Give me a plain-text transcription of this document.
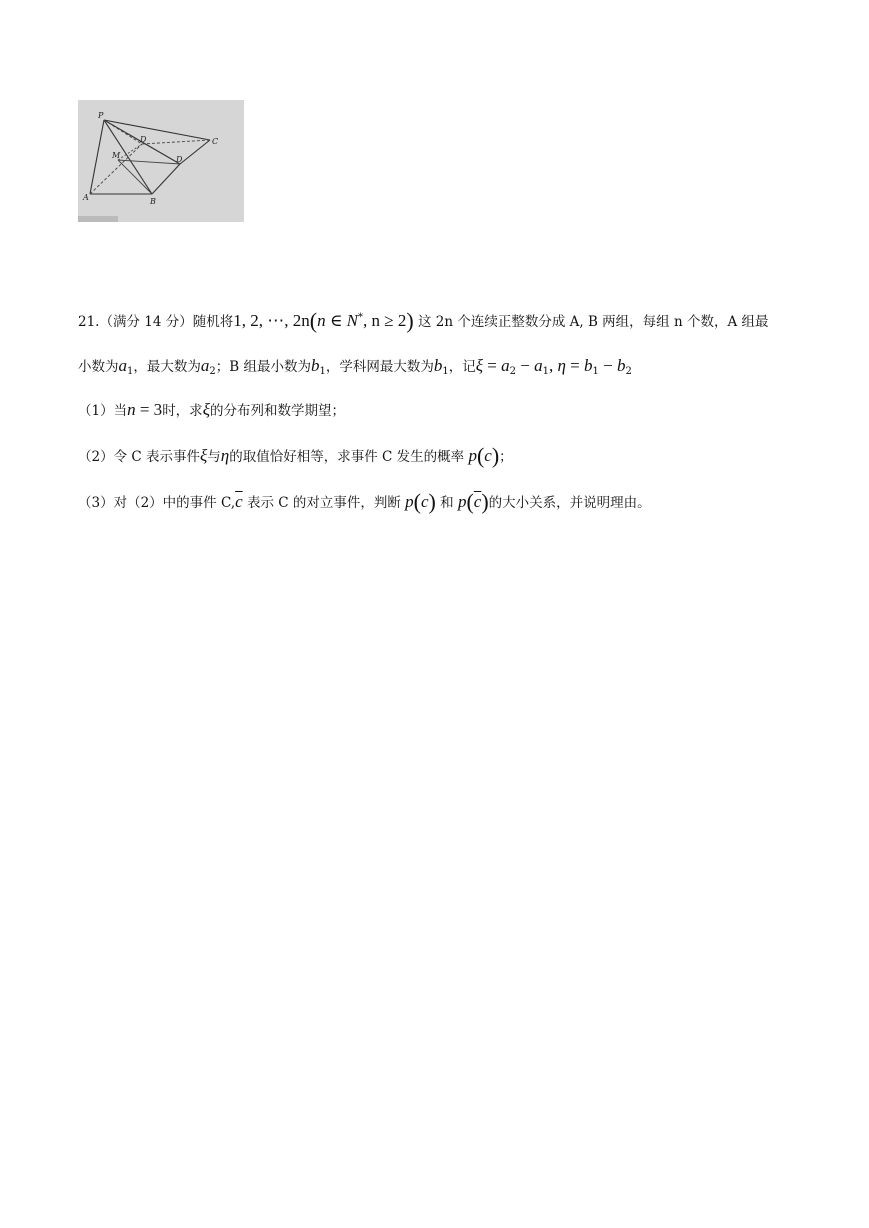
P
C
D
D
M
A	B
21.（满分 14 分）随机将1, 2, ⋯, 2n(n ∈ N*, n ≥ 2) 这 2n 个连续正整数分成 A, B 两组，每组 n 个数，A 组最
小数为$a_1$，最大数为$a_2$；B 组最小数为$b_1$，学科网最大数为$b_1$，记$\xi = a_2 - a_1$, $\eta = b_1 - b_2$
（1）当n = 3时，求ξ的分布列和数学期望；
（2）令 C 表示事件ξ与η的取值恰好相等，求事件 C 发生的概率 p(c)；
（3）对（2）中的事件 $C,\overline{c}$ 表示 C 的对立事件，判断 p(c) 和 $p(\overline{c})$的大小关系，并说明理由。
